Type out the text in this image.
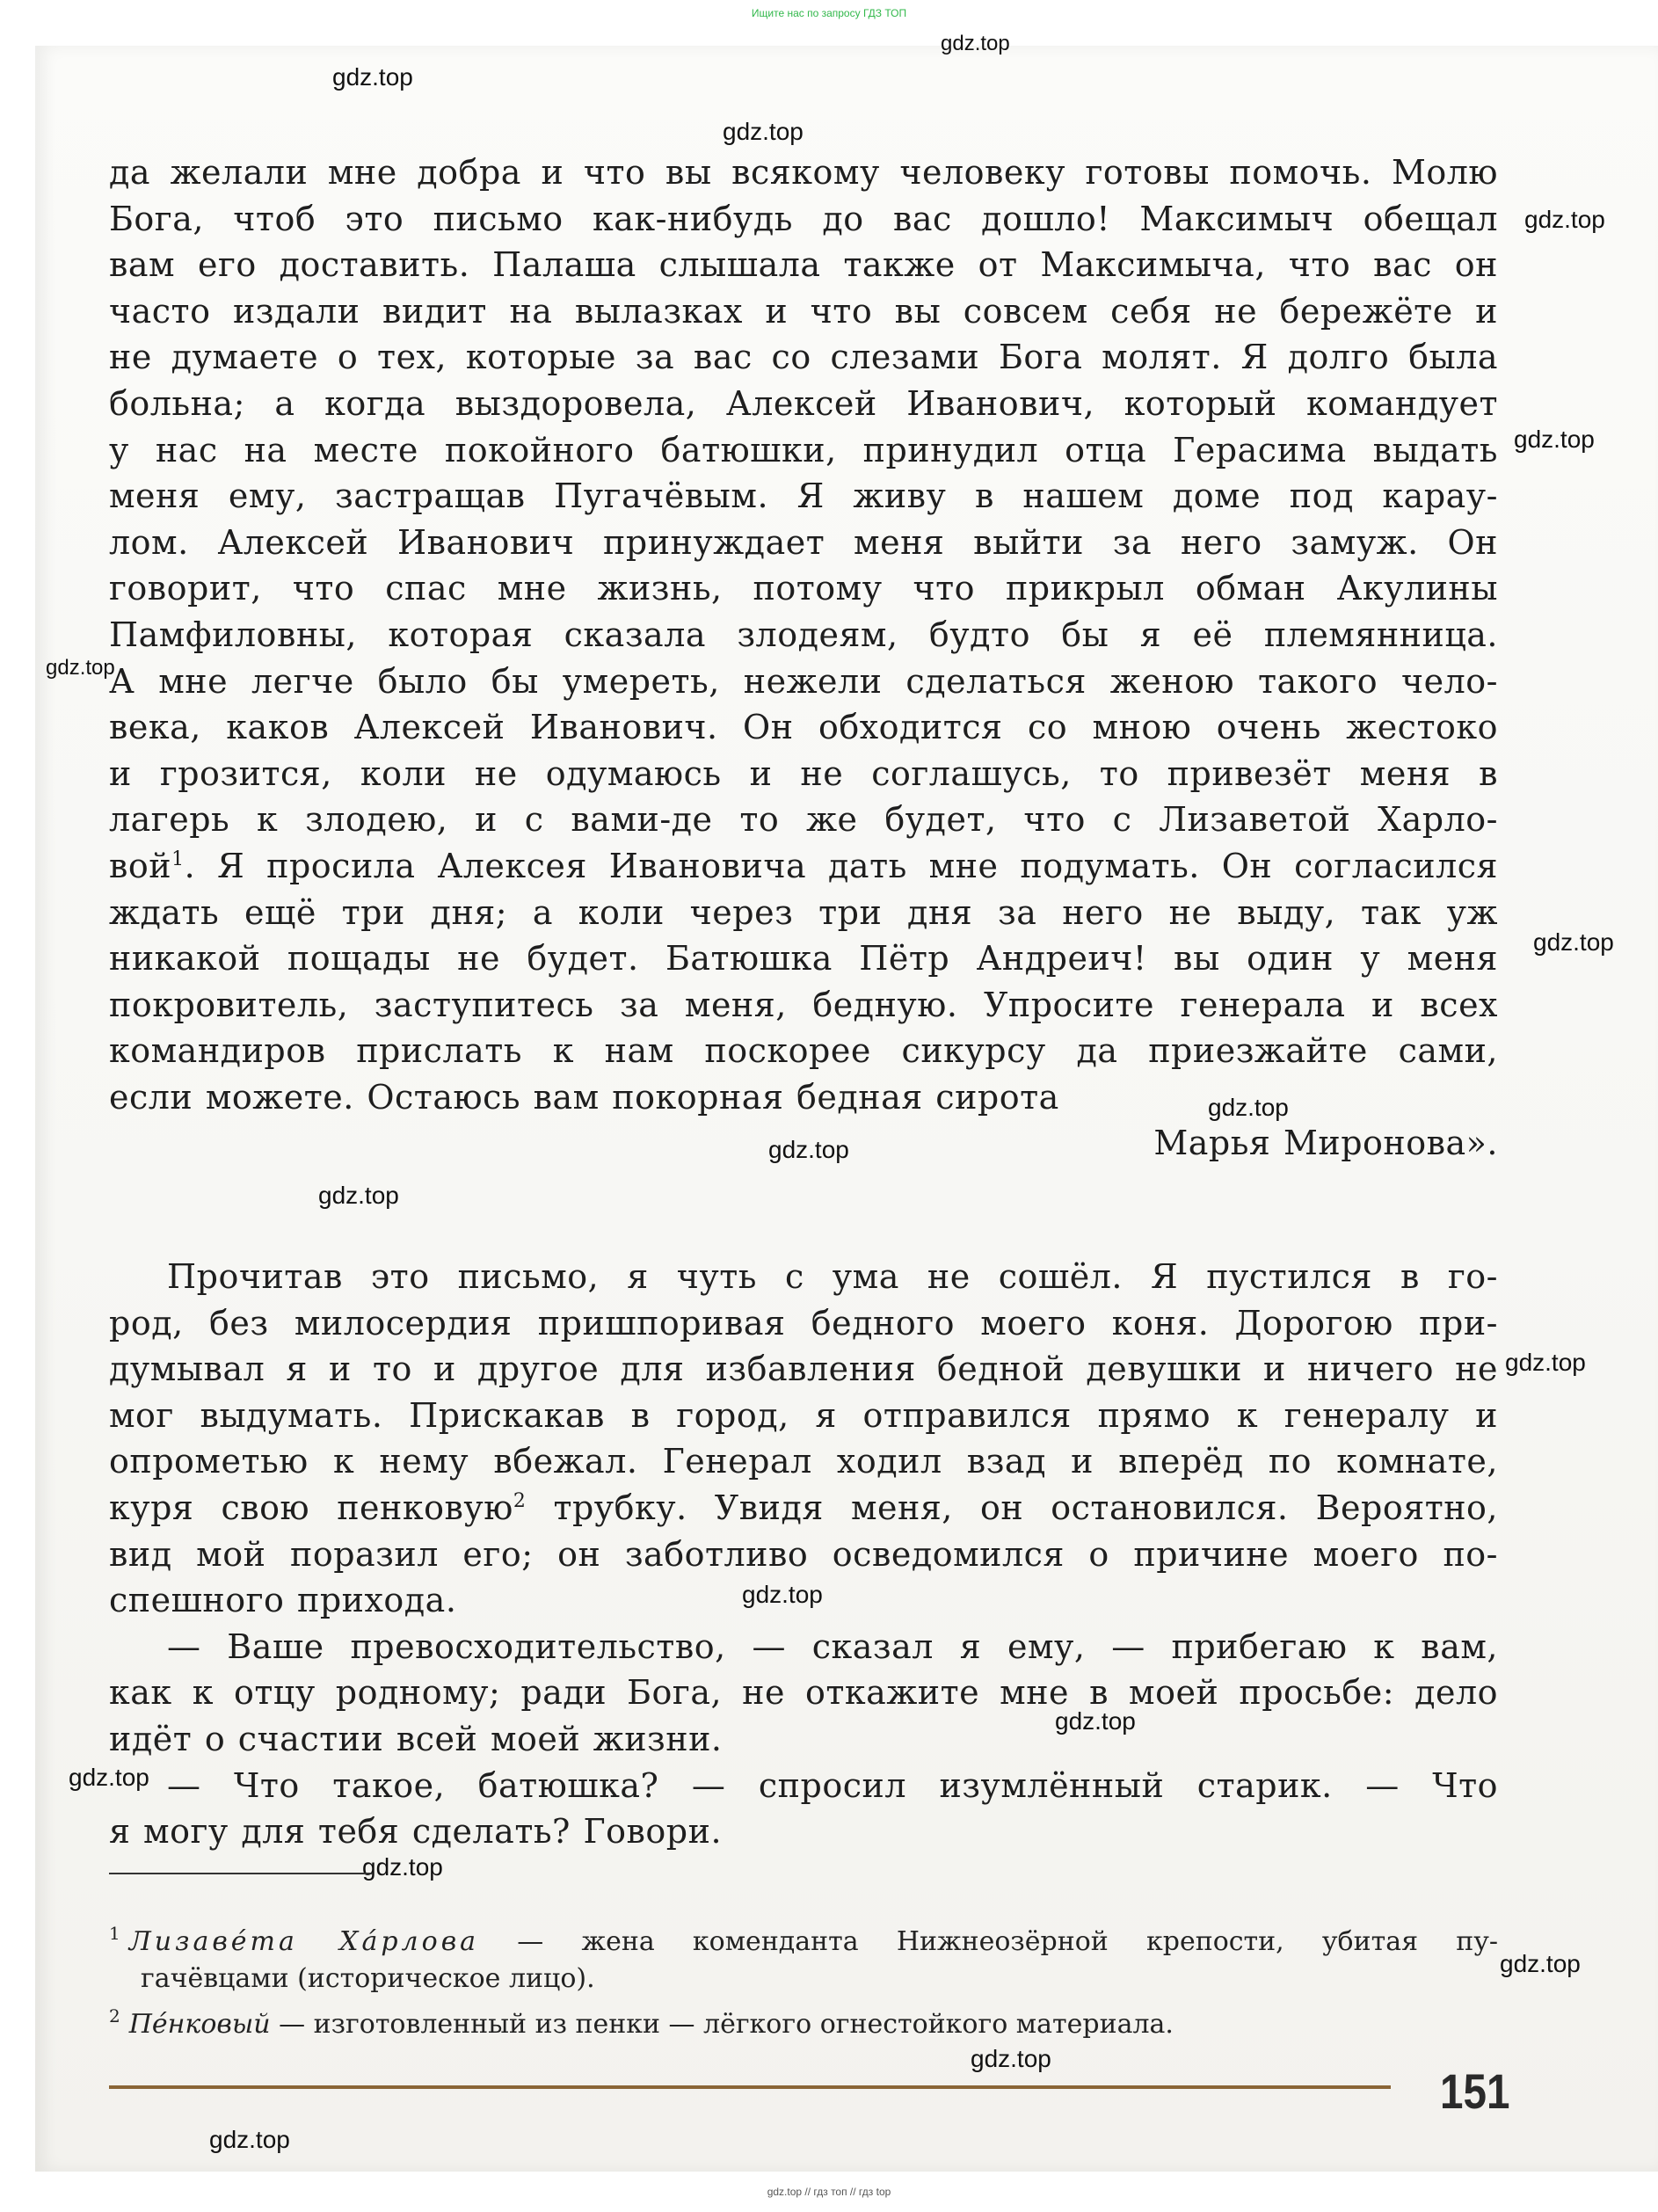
Ищите нас по запросу ГДЗ ТОП
gdz.top
gdz.top
gdz.top
gdz.top
gdz.top
gdz.top
gdz.top
gdz.top
gdz.top
gdz.top
gdz.top
gdz.top
gdz.top
gdz.top
gdz.top
gdz.top
gdz.top
gdz.top
да желали мне добра и что вы всякому человеку готовы помочь. Молю
Бога, чтоб это письмо как-нибудь до вас дошло! Максимыч обещал
вам его доставить. Палаша слышала также от Максимыча, что вас он
часто издали видит на вылазках и что вы совсем себя не бережёте и
не думаете о тех, которые за вас со слезами Бога молят. Я долго была
больна; а когда выздоровела, Алексей Иванович, который командует
у нас на месте покойного батюшки, принудил отца Герасима выдать
меня ему, застращав Пугачёвым. Я живу в нашем доме под карау-
лом. Алексей Иванович принуждает меня выйти за него замуж. Он
говорит, что спас мне жизнь, потому что прикрыл обман Акулины
Памфиловны, которая сказала злодеям, будто бы я её племянница.
А мне легче было бы умереть, нежели сделаться женою такого чело-
века, каков Алексей Иванович. Он обходится со мною очень жестоко
и грозится, коли не одумаюсь и не соглашусь, то привезёт меня в
лагерь к злодею, и с вами-де то же будет, что с Лизаветой Харло-
вой$^1$. Я просила Алексея Ивановича дать мне подумать. Он согласился
ждать ещё три дня; а коли через три дня за него не выду, так уж
никакой пощады не будет. Батюшка Пётр Андреич! вы один у меня
покровитель, заступитесь за меня, бедную. Упросите генерала и всех
командиров прислать к нам поскорее сикурсу да приезжайте сами,
если можете. Остаюсь вам покорная бедная сирота
Марья Миронова».
Прочитав это письмо, я чуть с ума не сошёл. Я пустился в го-
род, без милосердия пришпоривая бедного моего коня. Дорогою при-
думывал я и то и другое для избавления бедной девушки и ничего не
мог выдумать. Прискакав в город, я отправился прямо к генералу и
опрометью к нему вбежал. Генерал ходил взад и вперёд по комнате,
куря свою пенковую$^2$ трубку. Увидя меня, он остановился. Вероятно,
вид мой поразил его; он заботливо осведомился о причине моего по-
спешного прихода.
— Ваше превосходительство, — сказал я ему, — прибегаю к вам,
как к отцу родному; ради Бога, не откажите мне в моей просьбе: дело
идёт о счастии всей моей жизни.
— Что такое, батюшка? — спросил изумлённый старик. — Что
я могу для тебя сделать? Говори.
$^1$ Лизавéта Хáрлова — жена коменданта Нижнеозёрной крепости, убитая пу-
гачёвцами (историческое лицо).
$^2$ Пéнковый — изготовленный из пенки — лёгкого огнестойкого материала.
151
gdz.top // гдз топ // гдз top
